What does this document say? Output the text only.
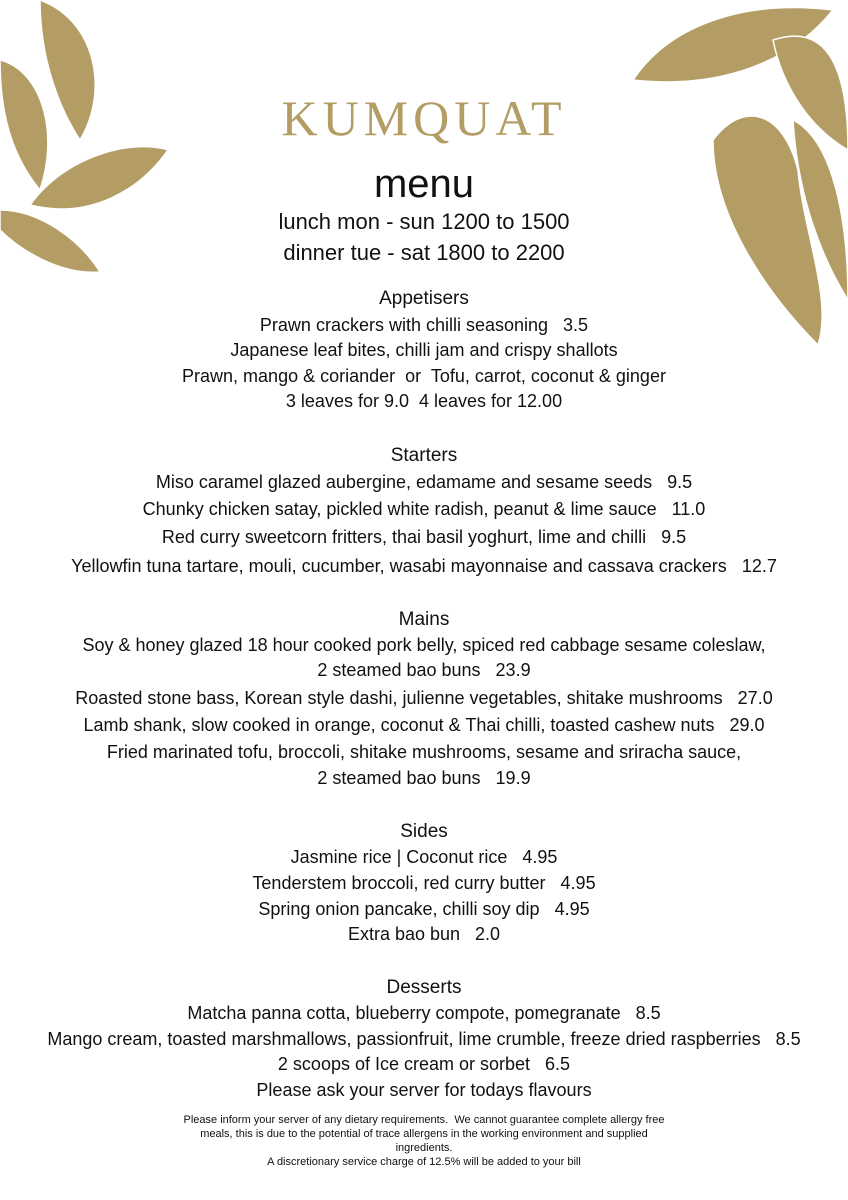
KUMQUAT
menu
lunch mon - sun 1200 to 1500
dinner tue - sat 1800 to 2200
Appetisers
Prawn crackers with chilli seasoning   3.5
Japanese leaf bites, chilli jam and crispy shallots
Prawn, mango & coriander  or  Tofu, carrot, coconut & ginger
3 leaves for 9.0  4 leaves for 12.00
Starters
Miso caramel glazed aubergine, edamame and sesame seeds   9.5
Chunky chicken satay, pickled white radish, peanut & lime sauce   11.0
Red curry sweetcorn fritters, thai basil yoghurt, lime and chilli   9.5
Yellowfin tuna tartare, mouli, cucumber, wasabi mayonnaise and cassava crackers   12.7
Mains
Soy & honey glazed 18 hour cooked pork belly, spiced red cabbage sesame coleslaw,
2 steamed bao buns   23.9
Roasted stone bass, Korean style dashi, julienne vegetables, shitake mushrooms   27.0
Lamb shank, slow cooked in orange, coconut & Thai chilli, toasted cashew nuts   29.0
Fried marinated tofu, broccoli, shitake mushrooms, sesame and sriracha sauce,
2 steamed bao buns   19.9
Sides
Jasmine rice | Coconut rice   4.95
Tenderstem broccoli, red curry butter   4.95
Spring onion pancake, chilli soy dip   4.95
Extra bao bun   2.0
Desserts
Matcha panna cotta, blueberry compote, pomegranate   8.5
Mango cream, toasted marshmallows, passionfruit, lime crumble, freeze dried raspberries   8.5
2 scoops of Ice cream or sorbet   6.5
Please ask your server for todays flavours
Please inform your server of any dietary requirements.  We cannot guarantee complete allergy free
meals, this is due to the potential of trace allergens in the working environment and supplied
ingredients.
A discretionary service charge of 12.5% will be added to your bill
